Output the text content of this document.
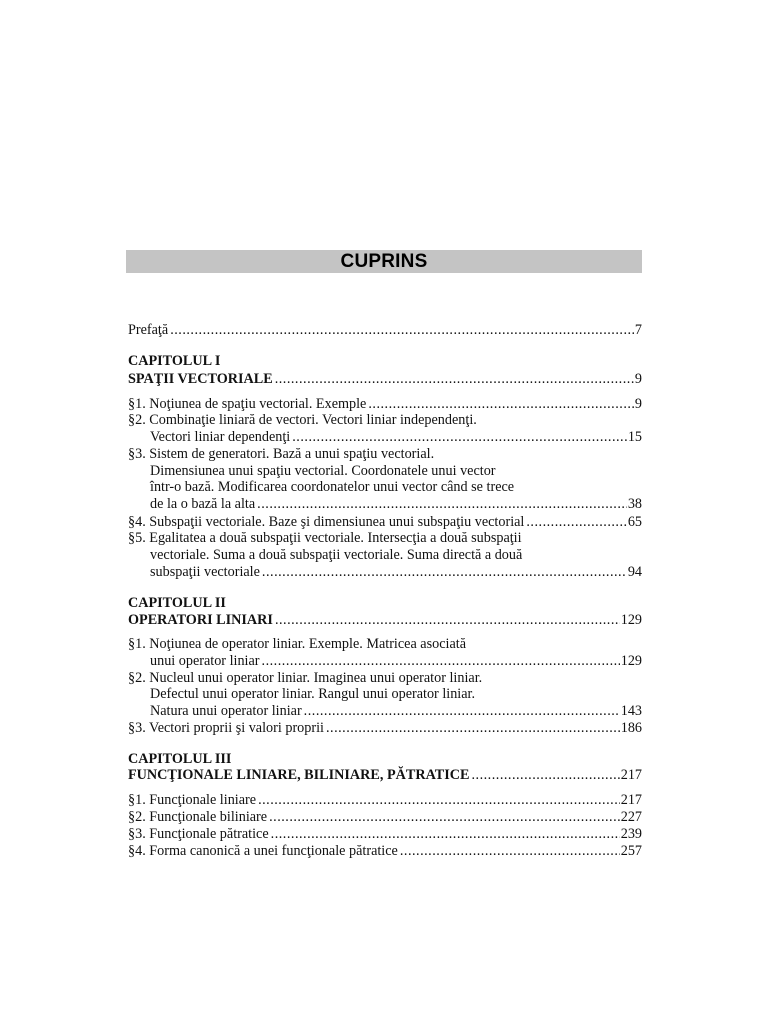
CUPRINS
Prefaţă .....	7
CAPITOLUL I
SPAŢII VECTORIALE .....	9
§1. Noţiunea de spaţiu vectorial. Exemple .....	9
§2. Combinaţie liniară de vectori. Vectori liniar independenţi.
Vectori liniar dependenţi .....	15
§3. Sistem de generatori. Bază a unui spaţiu vectorial.
Dimensiunea unui spaţiu vectorial. Coordonatele unui vector
într-o bază. Modificarea coordonatelor unui vector când se trece
de la o bază la alta .....	38
§4. Subspaţii vectoriale. Baze şi dimensiunea unui subspaţiu vectorial .....	65
§5. Egalitatea a două subspaţii vectoriale. Intersecţia a două subspaţii
vectoriale. Suma a două subspaţii vectoriale. Suma directă a două
subspaţii vectoriale .....	94
CAPITOLUL II
OPERATORI LINIARI .....	129
§1. Noţiunea de operator liniar. Exemple. Matricea asociată
unui operator liniar .....	129
§2. Nucleul unui operator liniar. Imaginea unui operator liniar.
Defectul unui operator liniar. Rangul unui operator liniar.
Natura unui operator liniar .....	143
§3. Vectori proprii şi valori proprii .....	186
CAPITOLUL III
FUNCŢIONALE LINIARE, BILINIARE, PĂTRATICE .....	217
§1. Funcţionale liniare .....	217
§2. Funcţionale biliniare .....	227
§3. Funcţionale pătratice .....	239
§4. Forma canonică a unei funcţionale pătratice .....	257
